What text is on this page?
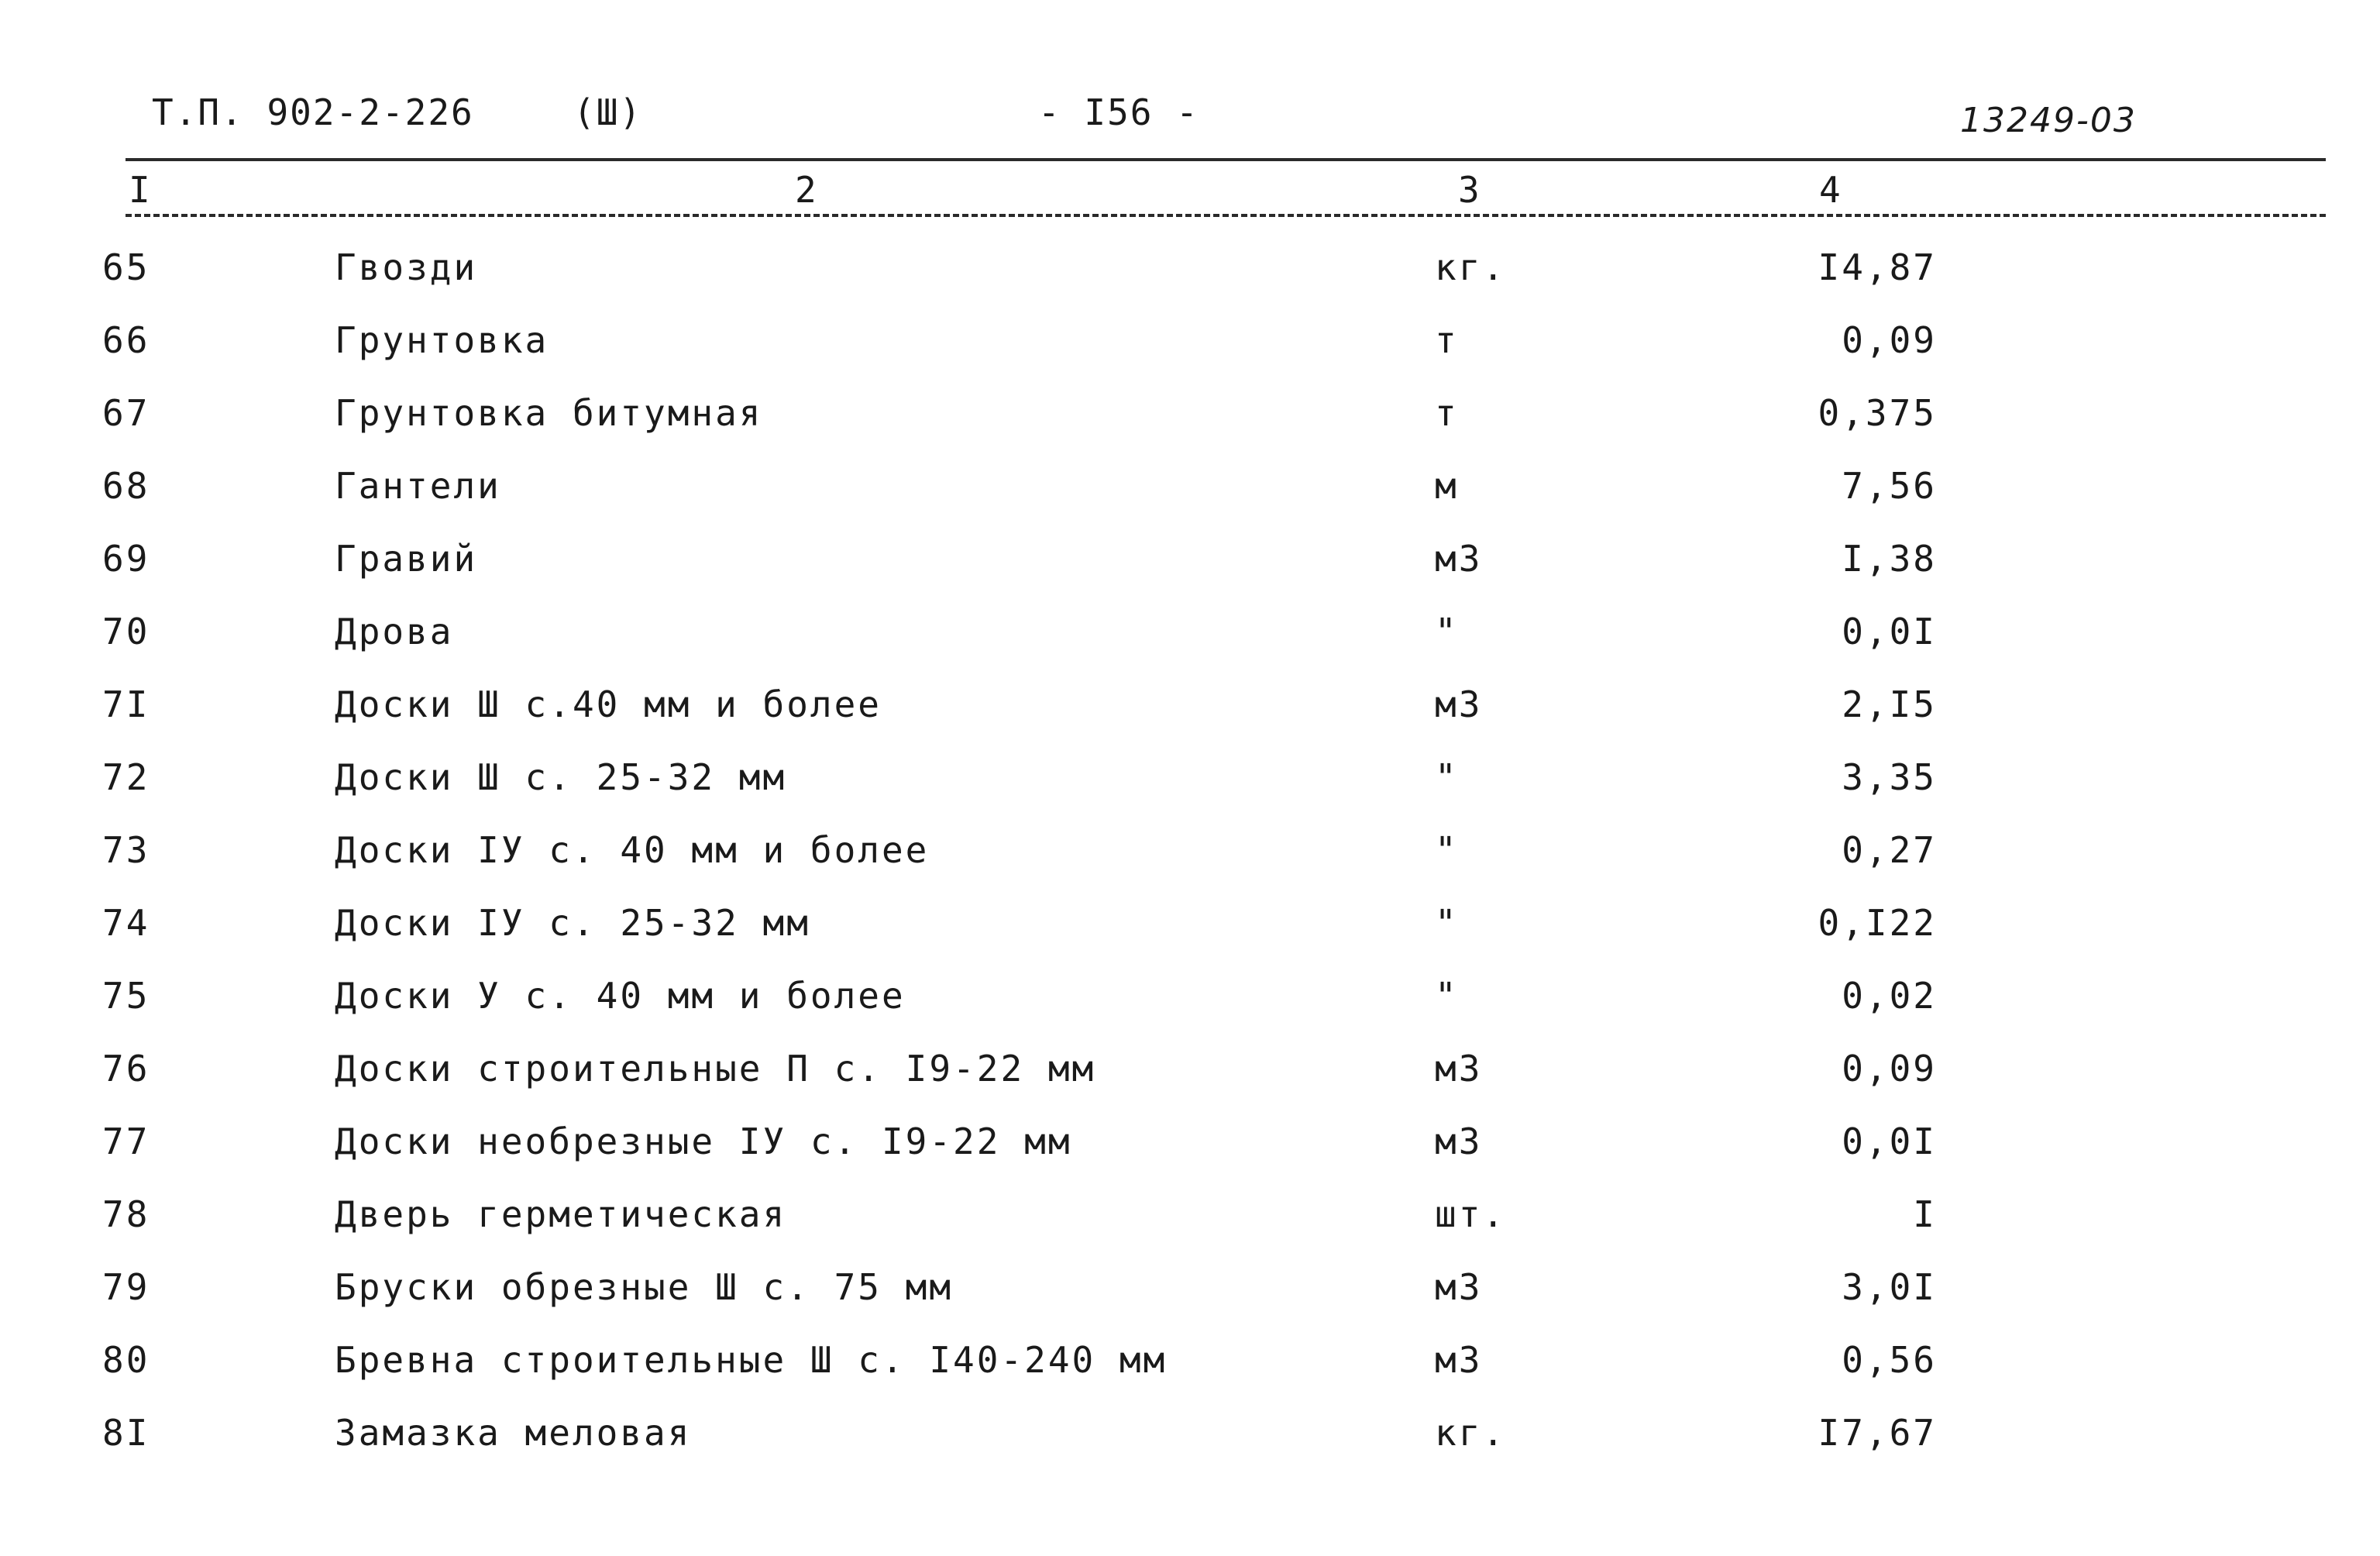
Т.П. 902-2-226	(Ш)	- I56 -	13249-03
I	2	3	4
65	Гвозди	кг.	I4,87
66	Грунтовка	т	0,09
67	Грунтовка битумная	т	0,375
68	Гантели	м	7,56
69	Гравий	м3	I,38
70	Дрова	"	0,0I
7I	Доски Ш с.40 мм и более	м3	2,I5
72	Доски Ш с. 25-32 мм	"	3,35
73	Доски IУ с. 40 мм и более	"	0,27
74	Доски IУ с. 25-32 мм	"	0,I22
75	Доски У с. 40 мм и более	"	0,02
76	Доски строительные П с. I9-22 мм	м3	0,09
77	Доски необрезные IУ с. I9-22 мм	м3	0,0I
78	Дверь герметическая	шт.	I
79	Бруски обрезные Ш с. 75 мм	м3	3,0I
80	Бревна строительные Ш с. I40-240 мм	м3	0,56
8I	Замазка меловая	кг.	I7,67
